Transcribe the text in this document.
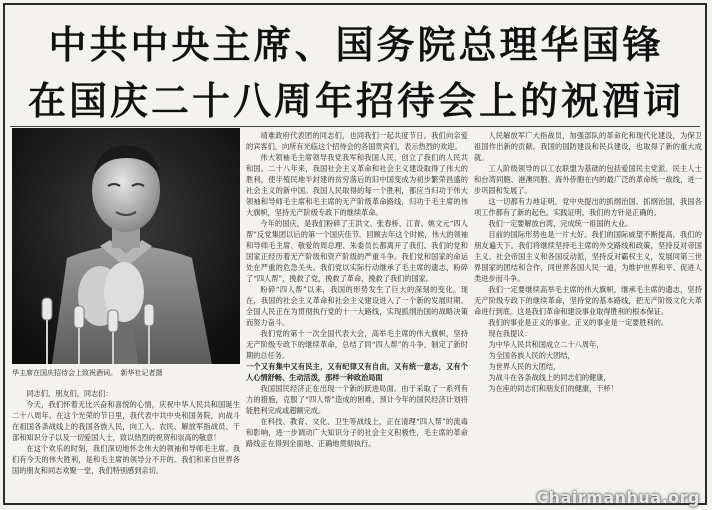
中共中央主席、国务院总理华国锋
在国庆二十八周年招待会上的祝酒词
华主席在国庆招待会上致祝酒词。　新华社记者摄

同志们，朋友们，同志们：

今天，我们怀着无比兴奋和喜悦的心情，庆祝中华人民共和国诞生二十八周年。在这个光荣的节日里，我代表中共中央和国务院，向战斗在祖国各条战线上的我国各族人民，向工人、农民、解放军指战员、干部和知识分子以及一切爱国人士，致以热烈的祝贺和崇高的敬意！

在这个欢乐的时刻，我们深切地怀念伟大的领袖和导师毛主席。我们有今天的伟大胜利，是和毛主席的领导分不开的。我们和来自世界各国的朋友和同志欢聚一堂，我们特别感到亲切。

靖难政府代表团的同志们，也同我们一起共度节日。我们向亲爱的宾客们，向所有光临这个招待会的各国贵宾们，表示热烈的欢迎。

伟大领袖毛主席领导我党我军和我国人民，创立了我们的人民共和国。二十八年来，我国社会主义革命和社会主义建设取得了伟大的胜利，使半殖民地半封建的贫穷落后的旧中国变成为初步繁荣昌盛的社会主义的新中国。我国人民取得的每一个胜利，都应当归功于伟大领袖和导师毛主席和毛主席的无产阶级革命路线，归功于毛主席的伟大旗帜，坚持无产阶级专政下的继续革命。

今年的国庆，是我们粉碎了王洪文、张春桥、江青、姚文元“四人帮”反党集团以后的第一个国庆佳节。回顾去年这个时候，伟大的领袖和导师毛主席、敬爱的周总理、朱委员长都离开了我们。我们的党和国家正经历着无产阶级和资产阶级的严重斗争。我们党和国家的命运处在严重的危急关头。我们党以实际行动继承了毛主席的遗志，粉碎了“四人帮”，挽救了党，挽救了革命，挽救了我们的国家。

粉碎“四人帮”以来，我国的形势发生了巨大的深刻的变化。现在，我国的社会主义革命和社会主义建设进入了一个新的发展时期。全国人民正在为贯彻执行党的十一大路线，实现抓纲治国的战略决策而努力奋斗。

我们党的第十一次全国代表大会，高举毛主席的伟大旗帜，坚持无产阶级专政下的继续革命，总结了同“四人帮”的斗争，制定了新时期的总任务。

一个又有集中又有民主，又有纪律又有自由，又有统一意志，又有个人心情舒畅、生动活泼，那样一种政治局面

我国国民经济正在出现一个新的跃进局面。由于采取了一系列有力的措施，克服了“四人帮”造成的困难，预计今年的国民经济计划将能胜利完成或超额完成。

在科技、教育、文化、卫生等战线上，正在清理“四人帮”的流毒和影响，进一步调动广大知识分子的社会主义积极性，毛主席的革命路线正在得到全面地、正确地贯彻执行。

人民解放军广大指战员，加强部队的革命化和现代化建设，为保卫祖国作出新的贡献。我国的国防建设和民兵建设，也取得了新的重大成就。

工人阶级领导的以工农联盟为基础的包括爱国民主党派、民主人士和台湾同胞、港澳同胞、海外侨胞在内的最广泛的革命统一战线，进一步巩固和发展了。

这一切都有力地证明，党中央提出的抓纲治国、抓纲治国，我国各项工作都有了新的起色。实践证明，我们的方针是正确的。

我们一定要解放台湾，完成统一祖国的大业。

目前的国际形势也是一片大好。我们的国际威望不断提高，我们的朋友遍天下。我们将继续坚持毛主席的外交路线和政策，坚持反对帝国主义、社会帝国主义和各国反动派，坚持反对霸权主义，发展同第三世界国家的团结和合作，同世界各国人民一道，为维护世界和平、促进人类进步而斗争。

我们一定要继续高举毛主席的伟大旗帜，继承毛主席的遗志，坚持无产阶级专政下的继续革命，坚持党的基本路线，把无产阶级文化大革命进行到底。这是我们革命和建设事业取得胜利的根本保证。

我们的事业是正义的事业。正义的事业是一定要胜利的。

现在我提议：

为中华人民共和国成立二十八周年，

为全国各族人民的大团结，

为世界人民的大团结，

为战斗在各条战线上的同志们的健康，

为在座的同志们和朋友们的健康，干杯！

Chairmanhua.org
